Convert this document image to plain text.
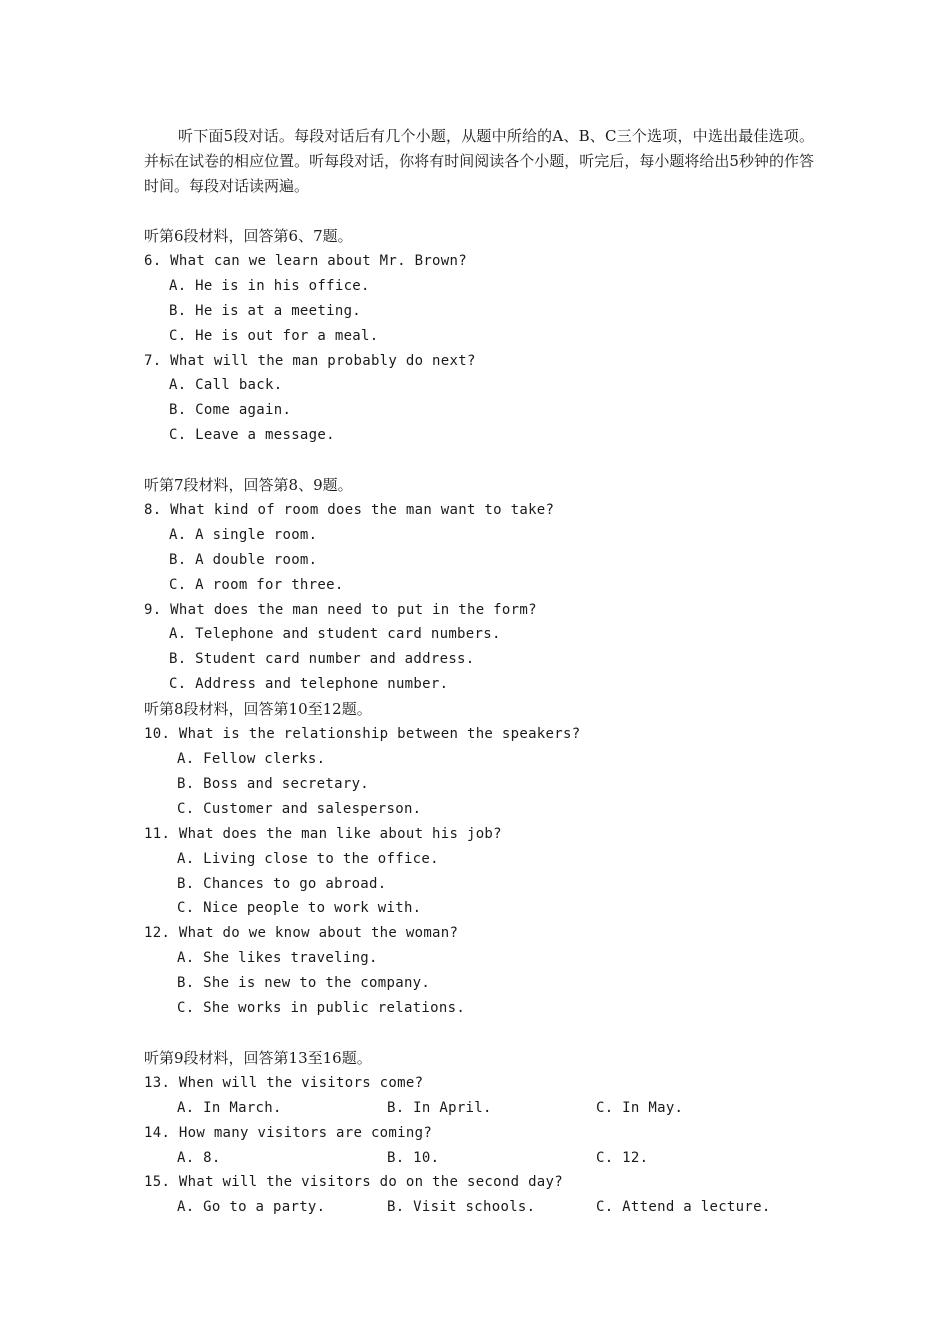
听下面5段对话。每段对话后有几个小题，从题中所给的A、B、C三个选项，中选出最佳选项。并标在试卷的相应位置。听每段对话，你将有时间阅读各个小题，听完后，每小题将给出5秒钟的作答时间。每段对话读两遍。

听第6段材料，回答第6、7题。
6. What can we learn about Mr. Brown?
A. He is in his office.
B. He is at a meeting.
C. He is out for a meal.
7. What will the man probably do next?
A. Call back.
B. Come again.
C. Leave a message.
听第7段材料，回答第8、9题。
8. What kind of room does the man want to take?
A. A single room.
B. A double room.
C. A room for three.
9. What does the man need to put in the form?
A. Telephone and student card numbers.
B. Student card number and address.
C. Address and telephone number.
听第8段材料，回答第10至12题。
10. What is the relationship between the speakers?
A. Fellow clerks.
B. Boss and secretary.
C. Customer and salesperson.
11. What does the man like about his job?
A. Living close to the office.
B. Chances to go abroad.
C. Nice people to work with.
12. What do we know about the woman?
A. She likes traveling.
B. She is new to the company.
C. She works in public relations.
听第9段材料，回答第13至16题。
13. When will the visitors come?
A. In March.	B. In April.	C. In May.
14. How many visitors are coming?
A. 8.	B. 10.	C. 12.
15. What will the visitors do on the second day?
A. Go to a party.	B. Visit schools.	C. Attend a lecture.
